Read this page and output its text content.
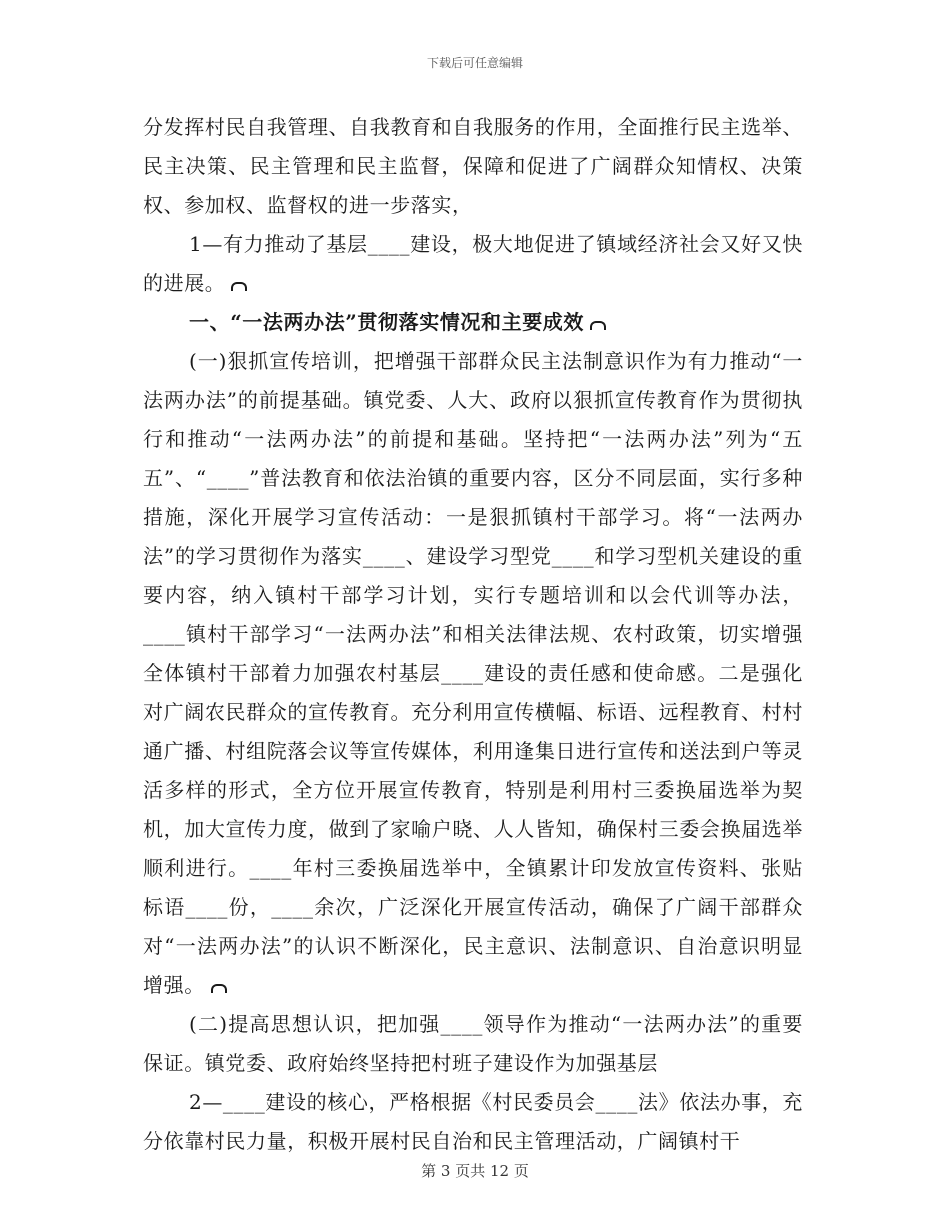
下载后可任意编辑

分发挥村民自我管理、自我教育和自我服务的作用，全面推行民主选举、民主决策、民主管理和民主监督，保障和促进了广阔群众知情权、决策权、参加权、监督权的进一步落实，

1—有力推动了基层____建设，极大地促进了镇域经济社会又好又快的进展。

一、“一法两办法”贯彻落实情况和主要成效

(一)狠抓宣传培训，把增强干部群众民主法制意识作为有力推动“一法两办法”的前提基础。镇党委、人大、政府以狠抓宣传教育作为贯彻执行和推动“一法两办法”的前提和基础。坚持把“一法两办法”列为“五五”、“____”普法教育和依法治镇的重要内容，区分不同层面，实行多种措施，深化开展学习宣传活动：一是狠抓镇村干部学习。将“一法两办法”的学习贯彻作为落实____、建设学习型党____和学习型机关建设的重要内容，纳入镇村干部学习计划，实行专题培训和以会代训等办法，____镇村干部学习“一法两办法”和相关法律法规、农村政策，切实增强全体镇村干部着力加强农村基层____建设的责任感和使命感。二是强化对广阔农民群众的宣传教育。充分利用宣传横幅、标语、远程教育、村村通广播、村组院落会议等宣传媒体，利用逢集日进行宣传和送法到户等灵活多样的形式，全方位开展宣传教育，特别是利用村三委换届选举为契机，加大宣传力度，做到了家喻户晓、人人皆知，确保村三委会换届选举顺利进行。____年村三委换届选举中，全镇累计印发放宣传资料、张贴标语____份，____余次，广泛深化开展宣传活动，确保了广阔干部群众对“一法两办法”的认识不断深化，民主意识、法制意识、自治意识明显增强。

(二)提高思想认识，把加强____领导作为推动“一法两办法”的重要保证。镇党委、政府始终坚持把村班子建设作为加强基层

2—____建设的核心，严格根据《村民委员会____法》依法办事，充分依靠村民力量，积极开展村民自治和民主管理活动，广阔镇村干

第 3 页共 12 页
